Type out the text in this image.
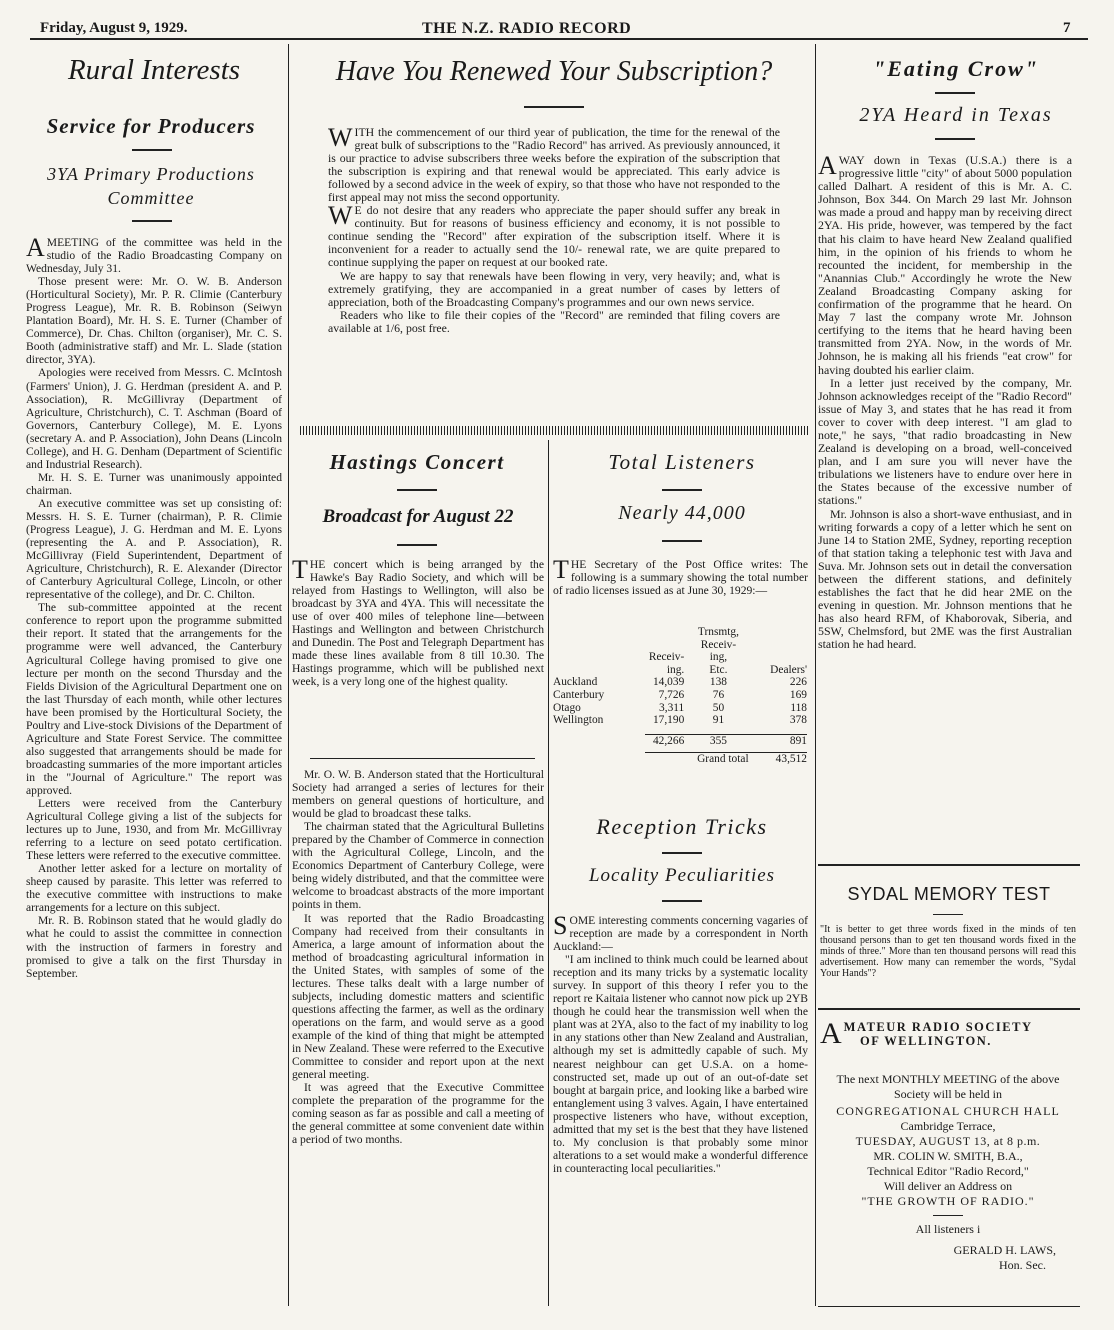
Friday, August 9, 1929.	THE N.Z. RADIO RECORD	7
Rural Interests
Service for Producers
3YA Primary Productions
Committee

AMEETING of the committee was held in the studio of the Radio Broadcasting Company on Wednesday, July 31.

Those present were: Mr. O. W. B. Anderson (Horticultural Society), Mr. P. R. Climie (Canterbury Progress League), Mr. R. B. Robinson (Seiwyn Plantation Board), Mr. H. S. E. Turner (Chamber of Commerce), Dr. Chas. Chilton (organiser), Mr. C. S. Booth (administrative staff) and Mr. L. Slade (station director, 3YA).

Apologies were received from Messrs. C. McIntosh (Farmers' Union), J. G. Herdman (president A. and P. Association), R. McGillivray (Department of Agriculture, Christchurch), C. T. Aschman (Board of Governors, Canterbury College), M. E. Lyons (secretary A. and P. Association), John Deans (Lincoln College), and H. G. Denham (Department of Scientific and Industrial Research).

Mr. H. S. E. Turner was unanimously appointed chairman.

An executive committee was set up consisting of: Messrs. H. S. E. Turner (chairman), P. R. Climie (Progress League), J. G. Herdman and M. E. Lyons (representing the A. and P. Association), R. McGillivray (Field Superintendent, Department of Agriculture, Christchurch), R. E. Alexander (Director of Canterbury Agricultural College, Lincoln, or other representative of the college), and Dr. C. Chilton.

The sub-committee appointed at the recent conference to report upon the programme submitted their report. It stated that the arrangements for the programme were well advanced, the Canterbury Agricultural College having promised to give one lecture per month on the second Thursday and the Fields Division of the Agricultural Department one on the last Thursday of each month, while other lectures have been promised by the Horticultural Society, the Poultry and Live-stock Divisions of the Department of Agriculture and State Forest Service. The committee also suggested that arrangements should be made for broadcasting summaries of the more important articles in the "Journal of Agriculture." The report was approved.

Letters were received from the Canterbury Agricultural College giving a list of the subjects for lectures up to June, 1930, and from Mr. McGillivray referring to a lecture on seed potato certification. These letters were referred to the executive committee.

Another letter asked for a lecture on mortality of sheep caused by parasite. This letter was referred to the executive committee with instructions to make arrangements for a lecture on this subject.

Mr. R. B. Robinson stated that he would gladly do what he could to assist the committee in connection with the instruction of farmers in forestry and promised to give a talk on the first Thursday in September.

Have You Renewed Your Subscription?

WITH the commencement of our third year of publication, the time for the renewal of the great bulk of subscriptions to the "Radio Record" has arrived. As previously announced, it is our practice to advise subscribers three weeks before the expiration of the subscription that the subscription is expiring and that renewal would be appreciated. This early advice is followed by a second advice in the week of expiry, so that those who have not responded to the first appeal may not miss the second opportunity.

W E do not desire that any readers who appreciate the paper should suffer any break in continuity. But for reasons of business efficiency and economy, it is not possible to continue sending the "Record" after expiration of the subscription itself. Where it is inconvenient for a reader to actually send the 10/- renewal rate, we are quite prepared to continue supplying the paper on request at our booked rate.

We are happy to say that renewals have been flowing in very, very heavily; and, what is extremely gratifying, they are accompanied in a great number of cases by letters of appreciation, both of the Broadcasting Company's programmes and our own news service.

Readers who like to file their copies of the "Record" are reminded that filing covers are available at 1/6, post free.

Hastings Concert
Broadcast for August 22

THE concert which is being arranged by the Hawke's Bay Radio Society, and which will be relayed from Hastings to Wellington, will also be broadcast by 3YA and 4YA. This will necessitate the use of over 400 miles of telephone line—between Hastings and Wellington and between Christchurch and Dunedin. The Post and Telegraph Department has made these lines available from 8 till 10.30. The Hastings programme, which will be published next week, is a very long one of the highest quality.

Mr. O. W. B. Anderson stated that the Horticultural Society had arranged a series of lectures for their members on general questions of horticulture, and would be glad to broadcast these talks.

The chairman stated that the Agricultural Bulletins prepared by the Chamber of Commerce in connection with the Agricultural College, Lincoln, and the Economics Department of Canterbury College, were being widely distributed, and that the committee were welcome to broadcast abstracts of the more important points in them.

It was reported that the Radio Broadcasting Company had received from their consultants in America, a large amount of information about the method of broadcasting agricultural information in the United States, with samples of some of the lectures. These talks dealt with a large number of subjects, including domestic matters and scientific questions affecting the farmer, as well as the ordinary operations on the farm, and would serve as a good example of the kind of thing that might be attempted in New Zealand. These were referred to the Executive Committee to consider and report upon at the next general meeting.

It was agreed that the Executive Committee complete the preparation of the programme for the coming season as far as possible and call a meeting of the general committee at some convenient date within a period of two months.

Total Listeners
Nearly 44,000

THE Secretary of the Post Office writes: The following is a summary showing the total number of radio licenses issued as at June 30, 1929:—

		Trnsmtg,	
		Receiv-	
	Receiv-	ing,	
	ing.	Etc.	Dealers'
Auckland	14,039	138	226
Canterbury	7,726	76	169
Otago	3,311	50	118
Wellington	17,190	91	378

	42,266	355	891

	Grand total		43,512
Reception Tricks
Locality Peculiarities

SOME interesting comments concerning vagaries of reception are made by a correspondent in North Auckland:—

"I am inclined to think much could be learned about reception and its many tricks by a systematic locality survey. In support of this theory I refer you to the report re Kaitaia listener who cannot now pick up 2YB though he could hear the transmission well when the plant was at 2YA, also to the fact of my inability to log in any stations other than New Zealand and Australian, although my set is admittedly capable of such. My nearest neighbour can get U.S.A. on a home-constructed set, made up out of an out-of-date set bought at bargain price, and looking like a barbed wire entanglement using 3 valves. Again, I have entertained prospective listeners who have, without exception, admitted that my set is the best that they have listened to. My conclusion is that probably some minor alterations to a set would make a wonderful difference in counteracting local peculiarities."

"Eating Crow"
2YA Heard in Texas

AWAY down in Texas (U.S.A.) there is a progressive little "city" of about 5000 population called Dalhart. A resident of this is Mr. A. C. Johnson, Box 344. On March 29 last Mr. Johnson was made a proud and happy man by receiving direct 2YA. His pride, however, was tempered by the fact that his claim to have heard New Zealand qualified him, in the opinion of his friends to whom he recounted the incident, for membership in the "Anannias Club." Accordingly he wrote the New Zealand Broadcasting Company asking for confirmation of the programme that he heard. On May 7 last the company wrote Mr. Johnson certifying to the items that he heard having been transmitted from 2YA. Now, in the words of Mr. Johnson, he is making all his friends "eat crow" for having doubted his earlier claim.

In a letter just received by the company, Mr. Johnson acknowledges receipt of the "Radio Record" issue of May 3, and states that he has read it from cover to cover with deep interest. "I am glad to note," he says, "that radio broadcasting in New Zealand is developing on a broad, well-conceived plan, and I am sure you will never have the tribulations we listeners have to endure over here in the States because of the excessive number of stations."

Mr. Johnson is also a short-wave enthusiast, and in writing forwards a copy of a letter which he sent on June 14 to Station 2ME, Sydney, reporting reception of that station taking a telephonic test with Java and Suva. Mr. Johnson sets out in detail the conversation between the different stations, and definitely establishes the fact that he did hear 2ME on the evening in question. Mr. Johnson mentions that he has also heard RFM, of Khaborovak, Siberia, and 5SW, Chelmsford, but 2ME was the first Australian station he had heard.

SYDAL MEMORY TEST
"It is better to get three words fixed in the minds of ten thousand persons than to get ten thousand words fixed in the minds of three." More than ten thousand persons will read this advertisement. How many can remember the words, "Sydal Your Hands"?
A MATEUR RADIO SOCIETY
OF WELLINGTON.
The next MONTHLY MEETING of the above Society will be held in
CONGREGATIONAL CHURCH HALL
Cambridge Terrace,
TUESDAY, AUGUST 13, at 8 p.m.
MR. COLIN W. SMITH, B.A.,
Technical Editor "Radio Record,"
Will deliver an Address on
"THE GROWTH OF RADIO."
All listeners i
GERALD H. LAWS,
Hon. Sec.
